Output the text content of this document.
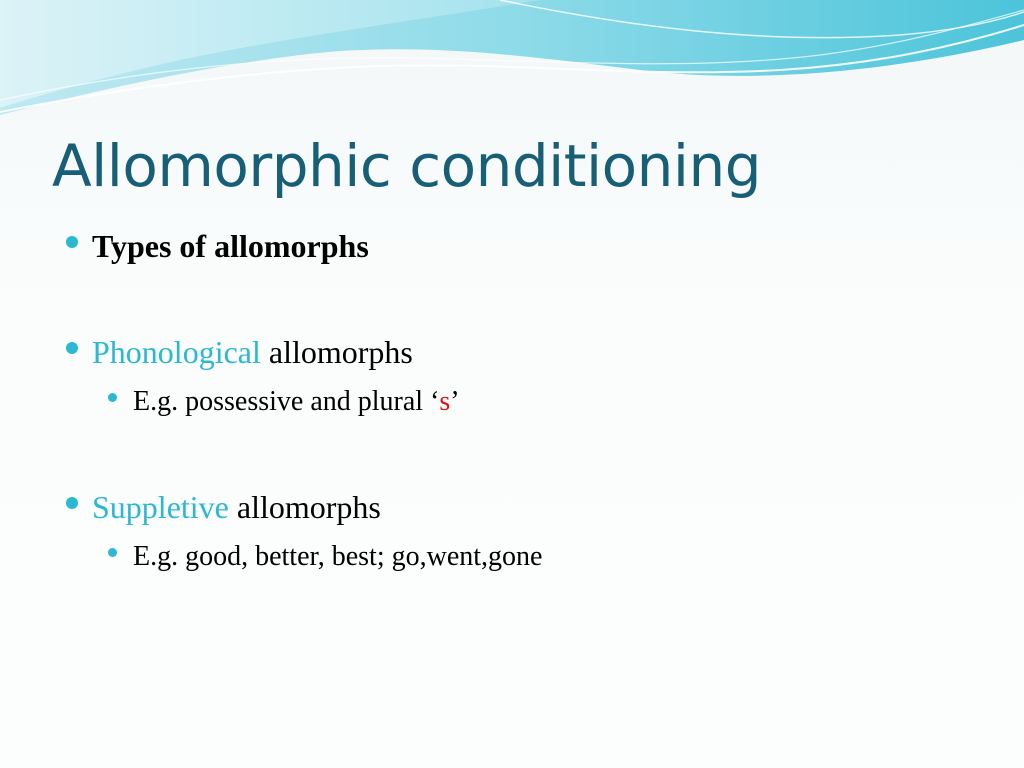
Allomorphic conditioning
Types of allomorphs
Phonological allomorphs
E.g. possessive and plural ‘s’
Suppletive allomorphs
E.g. good, better, best; go,went,gone
